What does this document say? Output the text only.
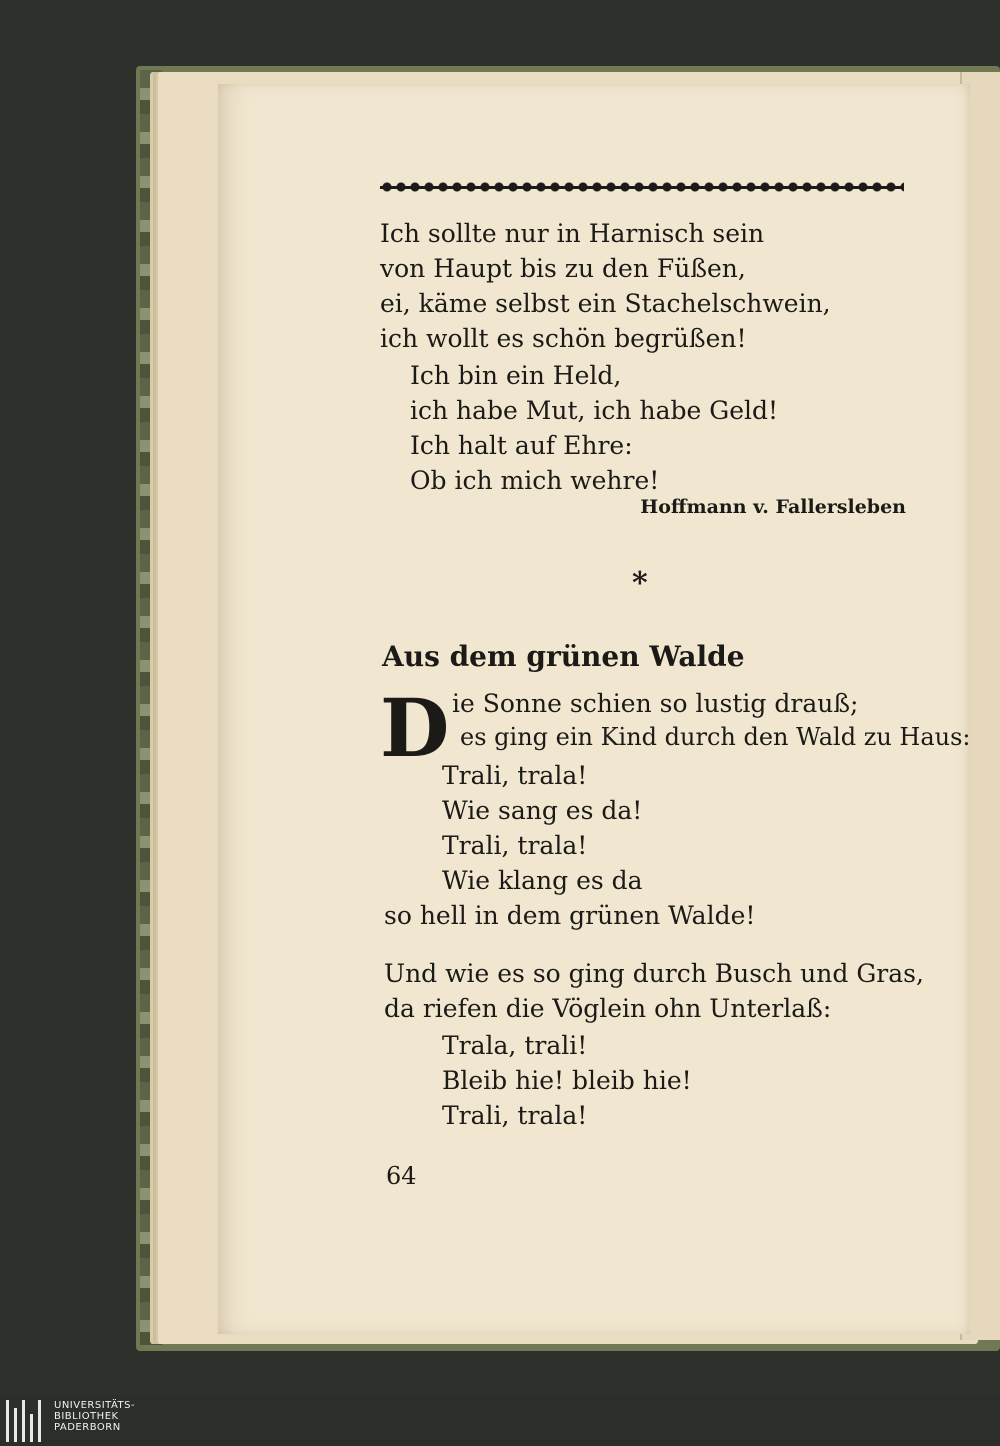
Ich sollte nur in Harnisch sein
von Haupt bis zu den Füßen,
ei, käme selbst ein Stachelschwein,
ich wollt es schön begrüßen!
Ich bin ein Held,
ich habe Mut, ich habe Geld!
Ich halt auf Ehre:
Ob ich mich wehre!
Hoffmann v. Fallersleben
*
Aus dem grünen Walde
D ie Sonne schien so lustig drauß;
es ging ein Kind durch den Wald zu Haus:
Trali, trala!
Wie sang es da!
Trali, trala!
Wie klang es da
so hell in dem grünen Walde!
Und wie es so ging durch Busch und Gras,
da riefen die Vöglein ohn Unterlaß:
Trala, trali!
Bleib hie! bleib hie!
Trali, trala!
64
UNIVERSITÄTS-
BIBLIOTHEK
PADERBORN
